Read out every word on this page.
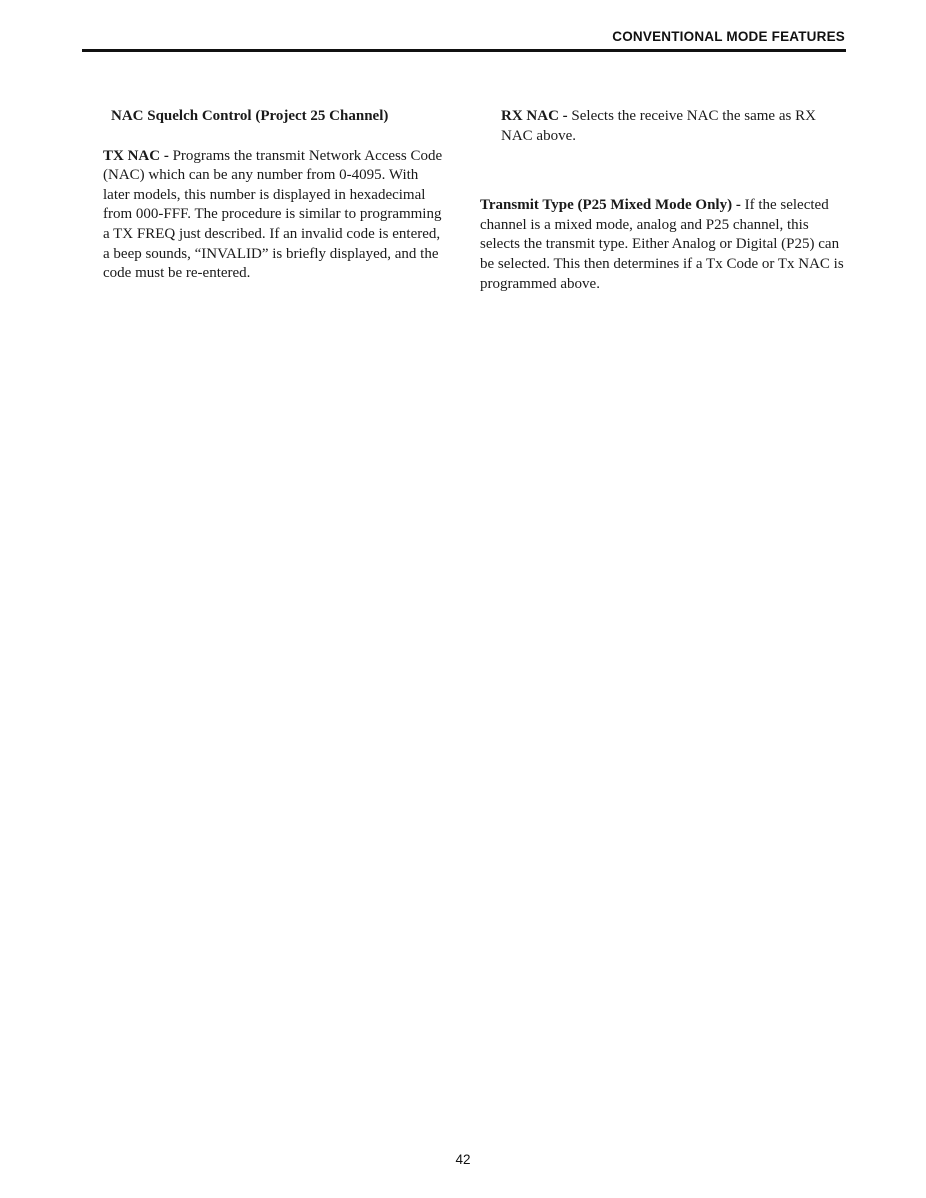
CONVENTIONAL MODE FEATURES

NAC Squelch Control (Project 25 Channel)

TX NAC - Programs the transmit Network Access Code (NAC) which can be any number from 0-4095. With later models, this number is displayed in hexadecimal from 000-FFF. The procedure is similar to programming a TX FREQ just described. If an invalid code is entered, a beep sounds, “INVALID” is briefly displayed, and the code must be re-entered.

RX NAC - Selects the receive NAC the same as RX NAC above.

Transmit Type (P25 Mixed Mode Only) - If the selected channel is a mixed mode, analog and P25 channel, this selects the transmit type. Either Analog or Digital (P25) can be selected. This then determines if a Tx Code or Tx NAC is programmed above.

42
